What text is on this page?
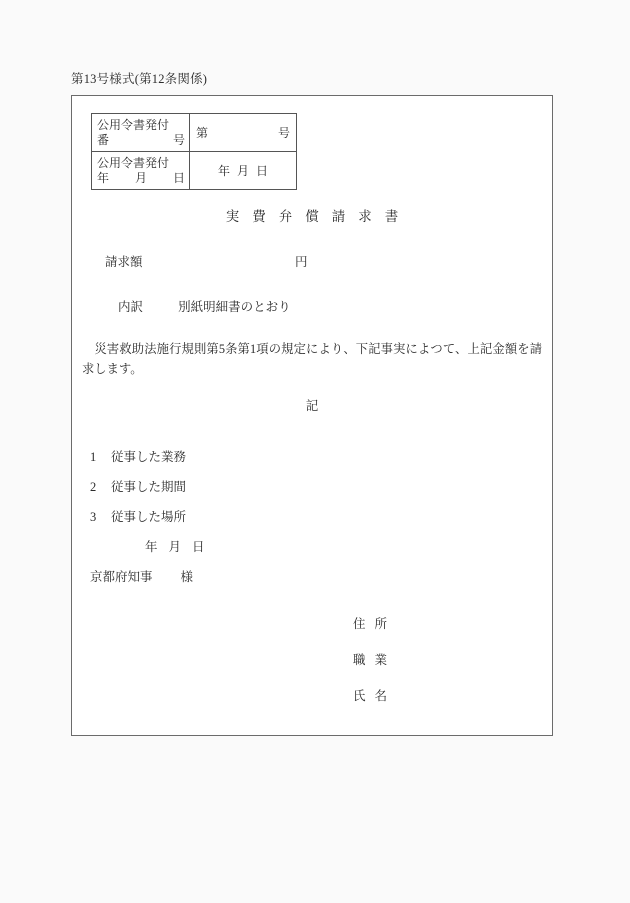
第13号様式(第12条関係)
公用令書発付
番 号	第 号

公用令書発付
年 月 日	年月日
実費弁償請求書
請求額	円
内訳	別紙明細書のとおり
災害救助法施行規則第5条第1項の規定により、下記事実によつて、上記金額を請求します。
記
1 従事した業務
2 従事した期間
3 従事した場所
年月日
京都府知事 様
住所
職業
氏名
